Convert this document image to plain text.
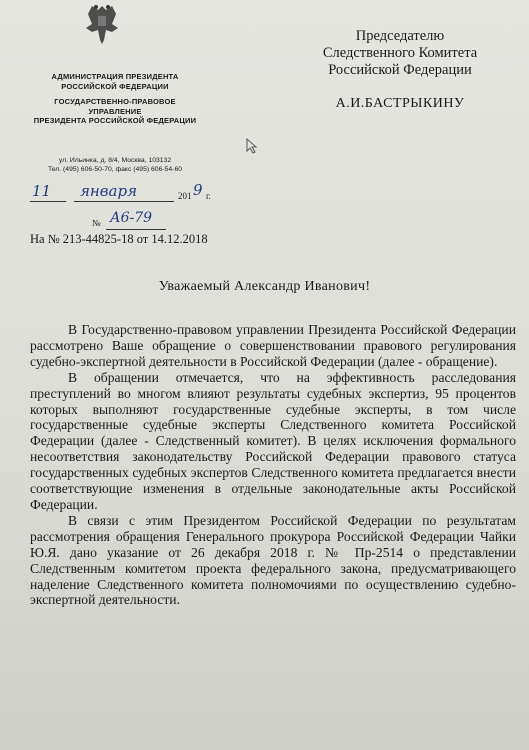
АДМИНИСТРАЦИЯ ПРЕЗИДЕНТА
РОССИЙСКОЙ ФЕДЕРАЦИИ
ГОСУДАРСТВЕННО-ПРАВОВОЕ
УПРАВЛЕНИЕ
ПРЕЗИДЕНТА РОССИЙСКОЙ ФЕДЕРАЦИИ
ул. Ильинка, д. 8/4, Москва, 103132
Тел. (495) 606-50-70, факс (495) 606-54-60
Председателю
Следственного Комитета
Российской Федерации
А.И.БАСТРЫКИНУ
11 января	201 9 г.
№ А6-79
На № 213-44825-18 от 14.12.2018
Уважаемый Александр Иванович!

В Государственно-правовом управлении Президента Российской Федерации рассмотрено Ваше обращение о совершенствовании правового регулирования судебно-экспертной деятельности в Российской Федерации (далее - обращение).

В обращении отмечается, что на эффективность расследования преступлений во многом влияют результаты судебных экспертиз, 95 процентов которых выполняют государственные судебные эксперты, в том числе государственные судебные эксперты Следственного комитета Российской Федерации (далее - Следственный комитет). В целях исключения формального несоответствия законодательству Российской Федерации правового статуса государственных судебных экспертов Следственного комитета предлагается внести соответствующие изменения в отдельные законодательные акты Российской Федерации.

В связи с этим Президентом Российской Федерации по результатам рассмотрения обращения Генерального прокурора Российской Федерации Чайки Ю.Я. дано указание от 26 декабря 2018 г. № Пр-2514 о представлении Следственным комитетом проекта федерального закона, предусматривающего наделение Следственного комитета полномочиями по осуществлению судебно-экспертной деятельности.
